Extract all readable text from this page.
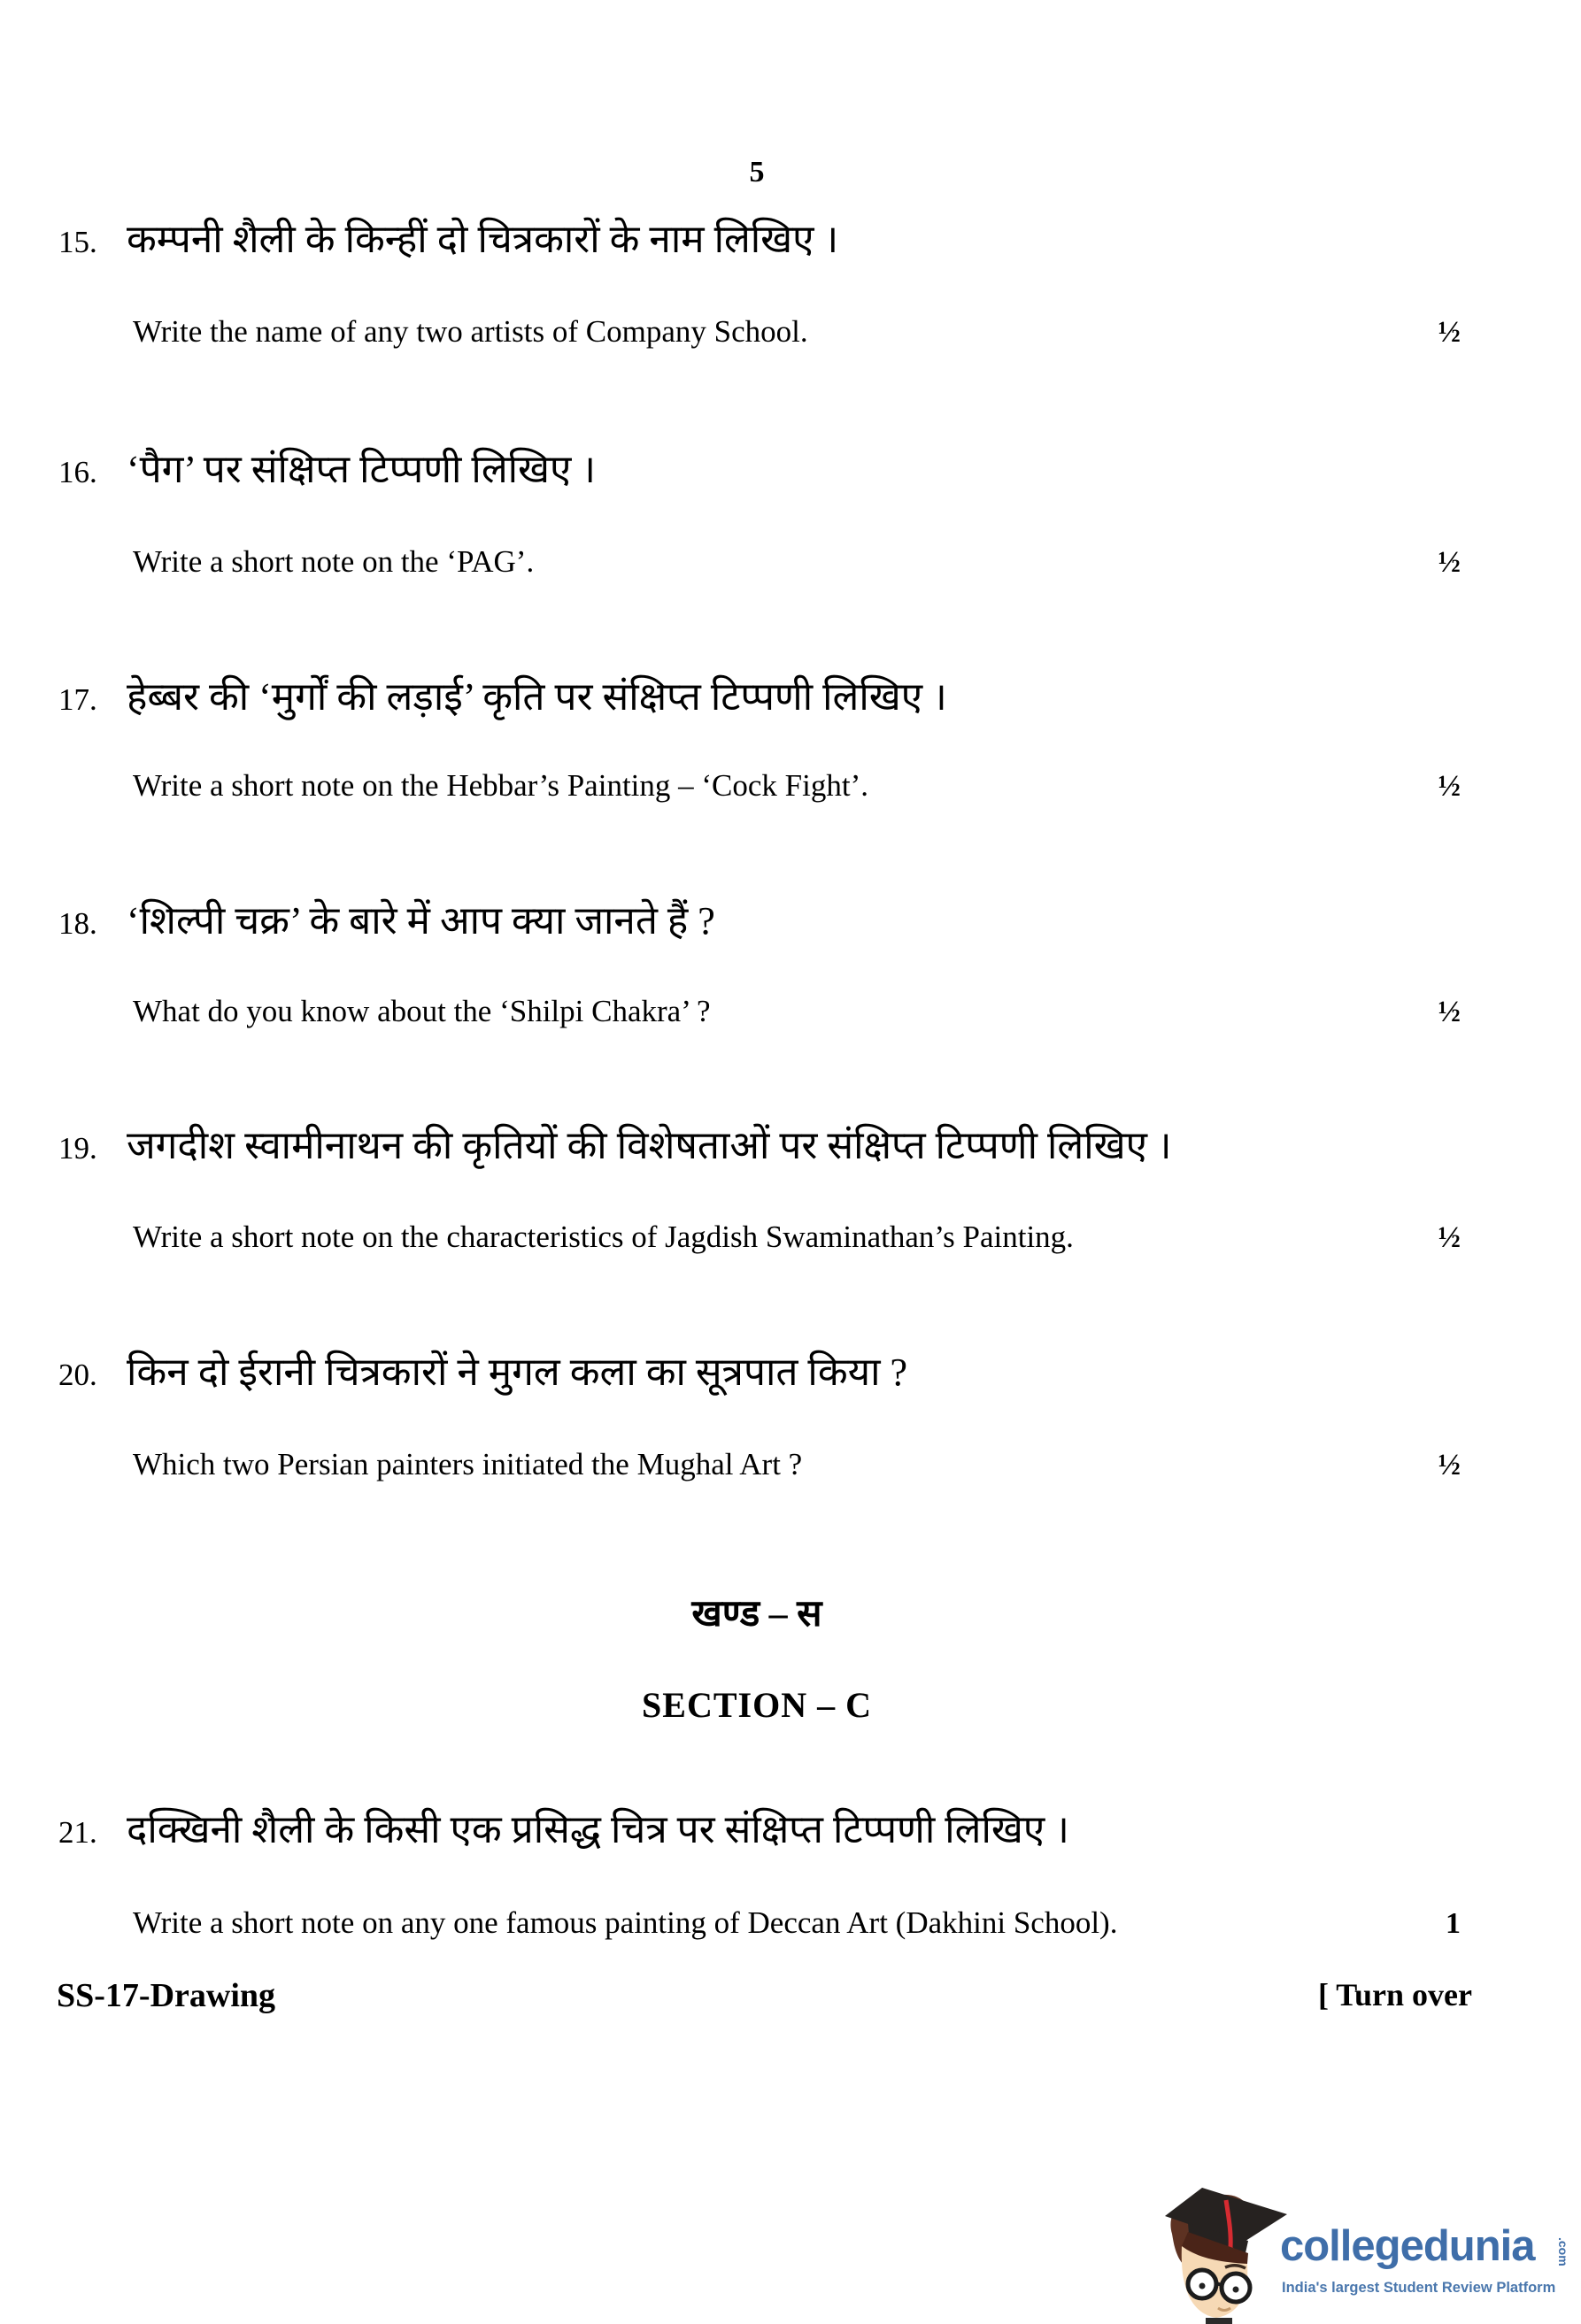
5
15. कम्पनी शैली के किन्हीं दो चित्रकारों के नाम लिखिए ।
Write the name of any two artists of Company School.	½
16. ‘पैग’ पर संक्षिप्त टिप्पणी लिखिए ।
Write a short note on the ‘PAG’.	½
17. हेब्बर की ‘मुर्गों की लड़ाई’ कृति पर संक्षिप्त टिप्पणी लिखिए ।
Write a short note on the Hebbar’s Painting – ‘Cock Fight’.	½
18. ‘शिल्पी चक्र’ के बारे में आप क्या जानते हैं ?
What do you know about the ‘Shilpi Chakra’ ?	½
19. जगदीश स्वामीनाथन की कृतियों की विशेषताओं पर संक्षिप्त टिप्पणी लिखिए ।
Write a short note on the characteristics of Jagdish Swaminathan’s Painting.	½
20. किन दो ईरानी चित्रकारों ने मुगल कला का सूत्रपात किया ?
Which two Persian painters initiated the Mughal Art ?	½
खण्ड – स
SECTION – C
21. दक्खिनी शैली के किसी एक प्रसिद्ध चित्र पर संक्षिप्त टिप्पणी लिखिए ।
Write a short note on any one famous painting of Deccan Art (Dakhini School).	1
SS-17-Drawing	[ Turn over
collegedunia .com
India's largest Student Review Platform
